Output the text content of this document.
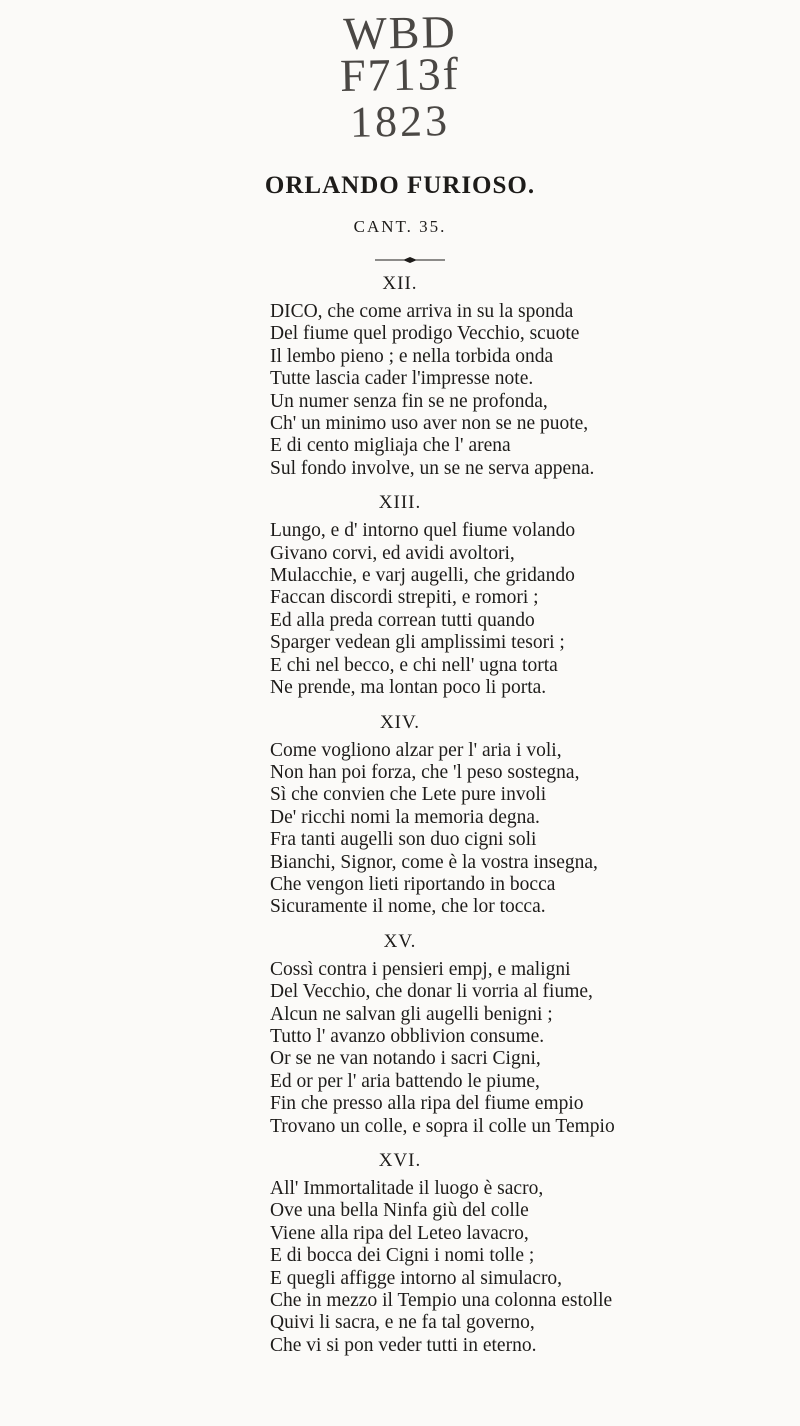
WBD
F713f
1823
ORLANDO FURIOSO.
CANT. 35.
XII.
DICO, che come arriva in su la sponda
Del fiume quel prodigo Vecchio, scuote
Il lembo pieno ; e nella torbida onda
Tutte lascia cader l'impresse note.
Un numer senza fin se ne profonda,
Ch' un minimo uso aver non se ne puote,
E di cento migliaja che l' arena
Sul fondo involve, un se ne serva appena.
XIII.
Lungo, e d' intorno quel fiume volando
Givano corvi, ed avidi avoltori,
Mulacchie, e varj augelli, che gridando
Faccan discordi strepiti, e romori ;
Ed alla preda correan tutti quando
Sparger vedean gli amplissimi tesori ;
E chi nel becco, e chi nell' ugna torta
Ne prende, ma lontan poco li porta.
XIV.
Come vogliono alzar per l' aria i voli,
Non han poi forza, che 'l peso sostegna,
Sì che convien che Lete pure involi
De' ricchi nomi la memoria degna.
Fra tanti augelli son duo cigni soli
Bianchi, Signor, come è la vostra insegna,
Che vengon lieti riportando in bocca
Sicuramente il nome, che lor tocca.
XV.
Cossì contra i pensieri empj, e maligni
Del Vecchio, che donar li vorria al fiume,
Alcun ne salvan gli augelli benigni ;
Tutto l' avanzo obblivion consume.
Or se ne van notando i sacri Cigni,
Ed or per l' aria battendo le piume,
Fin che presso alla ripa del fiume empio
Trovano un colle, e sopra il colle un Tempio
XVI.
All' Immortalitade il luogo è sacro,
Ove una bella Ninfa giù del colle
Viene alla ripa del Leteo lavacro,
E di bocca dei Cigni i nomi tolle ;
E quegli affigge intorno al simulacro,
Che in mezzo il Tempio una colonna estolle
Quivi li sacra, e ne fa tal governo,
Che vi si pon veder tutti in eterno.
